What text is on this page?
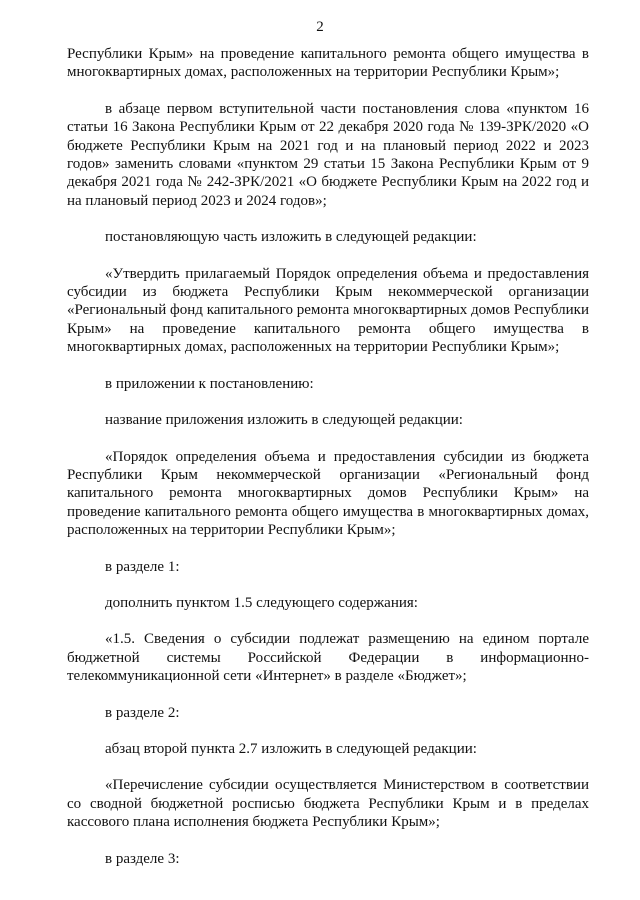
2

Республики Крым» на проведение капитального ремонта общего имущества в многоквартирных домах, расположенных на территории Республики Крым»;

в абзаце первом вступительной части постановления слова «пунктом 16 статьи 16 Закона Республики Крым от 22 декабря 2020 года № 139-ЗРК/2020 «О бюджете Республики Крым на 2021 год и на плановый период 2022 и 2023 годов» заменить словами «пунктом 29 статьи 15 Закона Республики Крым от 9 декабря 2021 года № 242-ЗРК/2021 «О бюджете Республики Крым на 2022 год и на плановый период 2023 и 2024 годов»;

постановляющую часть изложить в следующей редакции:

«Утвердить прилагаемый Порядок определения объема и предоставления субсидии из бюджета Республики Крым некоммерческой организации «Региональный фонд капитального ремонта многоквартирных домов Республики Крым» на проведение капитального ремонта общего имущества в многоквартирных домах, расположенных на территории Республики Крым»;

в приложении к постановлению:

название приложения изложить в следующей редакции:

«Порядок определения объема и предоставления субсидии из бюджета Республики Крым некоммерческой организации «Региональный фонд капитального ремонта многоквартирных домов Республики Крым» на проведение капитального ремонта общего имущества в многоквартирных домах, расположенных на территории Республики Крым»;

в разделе 1:

дополнить пунктом 1.5 следующего содержания:

«1.5. Сведения о субсидии подлежат размещению на едином портале бюджетной системы Российской Федерации в информационно-телекоммуникационной сети «Интернет» в разделе «Бюджет»;

в разделе 2:

абзац второй пункта 2.7 изложить в следующей редакции:

«Перечисление субсидии осуществляется Министерством в соответствии со сводной бюджетной росписью бюджета Республики Крым и в пределах кассового плана исполнения бюджета Республики Крым»;

в разделе 3:
